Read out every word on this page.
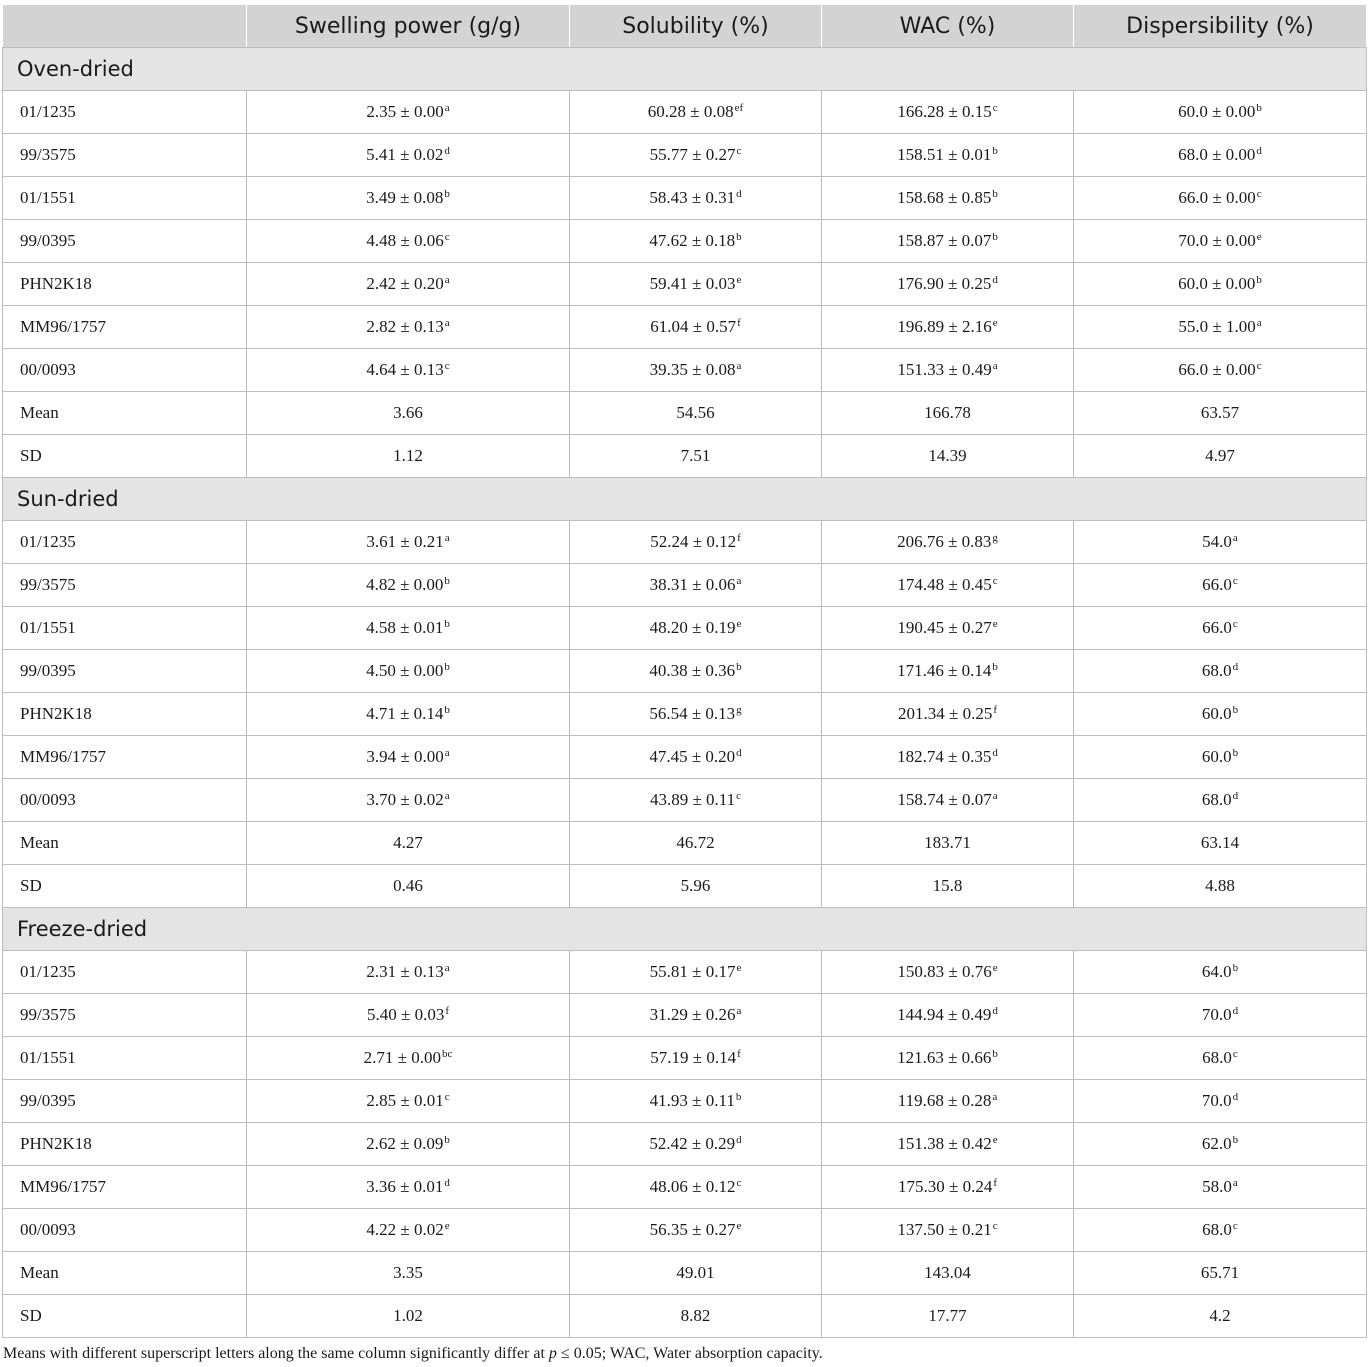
	Swelling power (g/g)	Solubility (%)	WAC (%)	Dispersibility (%)
Oven-dried				
01/1235	2.35 ± 0.00$^a$	60.28 ± 0.08$^{ef}$	166.28 ± 0.15$^c$	60.0 ± 0.00$^b$
99/3575	5.41 ± 0.02$^d$	55.77 ± 0.27$^c$	158.51 ± 0.01$^b$	68.0 ± 0.00$^d$
01/1551	3.49 ± 0.08$^b$	58.43 ± 0.31$^d$	158.68 ± 0.85$^b$	66.0 ± 0.00$^c$
99/0395	4.48 ± 0.06$^c$	47.62 ± 0.18$^b$	158.87 ± 0.07$^b$	70.0 ± 0.00$^e$
PHN2K18	2.42 ± 0.20$^a$	59.41 ± 0.03$^e$	176.90 ± 0.25$^d$	60.0 ± 0.00$^b$
MM96/1757	2.82 ± 0.13$^a$	61.04 ± 0.57$^f$	196.89 ± 2.16$^e$	55.0 ± 1.00$^a$
00/0093	4.64 ± 0.13$^c$	39.35 ± 0.08$^a$	151.33 ± 0.49$^a$	66.0 ± 0.00$^c$
Mean	3.66	54.56	166.78	63.57
SD	1.12	7.51	14.39	4.97
Sun-dried				
01/1235	3.61 ± 0.21$^a$	52.24 ± 0.12$^f$	206.76 ± 0.83$^g$	54.0$^a$
99/3575	4.82 ± 0.00$^b$	38.31 ± 0.06$^a$	174.48 ± 0.45$^c$	66.0$^c$
01/1551	4.58 ± 0.01$^b$	48.20 ± 0.19$^e$	190.45 ± 0.27$^e$	66.0$^c$
99/0395	4.50 ± 0.00$^b$	40.38 ± 0.36$^b$	171.46 ± 0.14$^b$	68.0$^d$
PHN2K18	4.71 ± 0.14$^b$	56.54 ± 0.13$^g$	201.34 ± 0.25$^f$	60.0$^b$
MM96/1757	3.94 ± 0.00$^a$	47.45 ± 0.20$^d$	182.74 ± 0.35$^d$	60.0$^b$
00/0093	3.70 ± 0.02$^a$	43.89 ± 0.11$^c$	158.74 ± 0.07$^a$	68.0$^d$
Mean	4.27	46.72	183.71	63.14
SD	0.46	5.96	15.8	4.88
Freeze-dried				
01/1235	2.31 ± 0.13$^a$	55.81 ± 0.17$^e$	150.83 ± 0.76$^e$	64.0$^b$
99/3575	5.40 ± 0.03$^f$	31.29 ± 0.26$^a$	144.94 ± 0.49$^d$	70.0$^d$
01/1551	2.71 ± 0.00$^{bc}$	57.19 ± 0.14$^f$	121.63 ± 0.66$^b$	68.0$^c$
99/0395	2.85 ± 0.01$^c$	41.93 ± 0.11$^b$	119.68 ± 0.28$^a$	70.0$^d$
PHN2K18	2.62 ± 0.09$^b$	52.42 ± 0.29$^d$	151.38 ± 0.42$^e$	62.0$^b$
MM96/1757	3.36 ± 0.01$^d$	48.06 ± 0.12$^c$	175.30 ± 0.24$^f$	58.0$^a$
00/0093	4.22 ± 0.02$^e$	56.35 ± 0.27$^e$	137.50 ± 0.21$^c$	68.0$^c$
Mean	3.35	49.01	143.04	65.71
SD	1.02	8.82	17.77	4.2
Means with different superscript letters along the same column significantly differ at p ≤ 0.05; WAC, Water absorption capacity.
